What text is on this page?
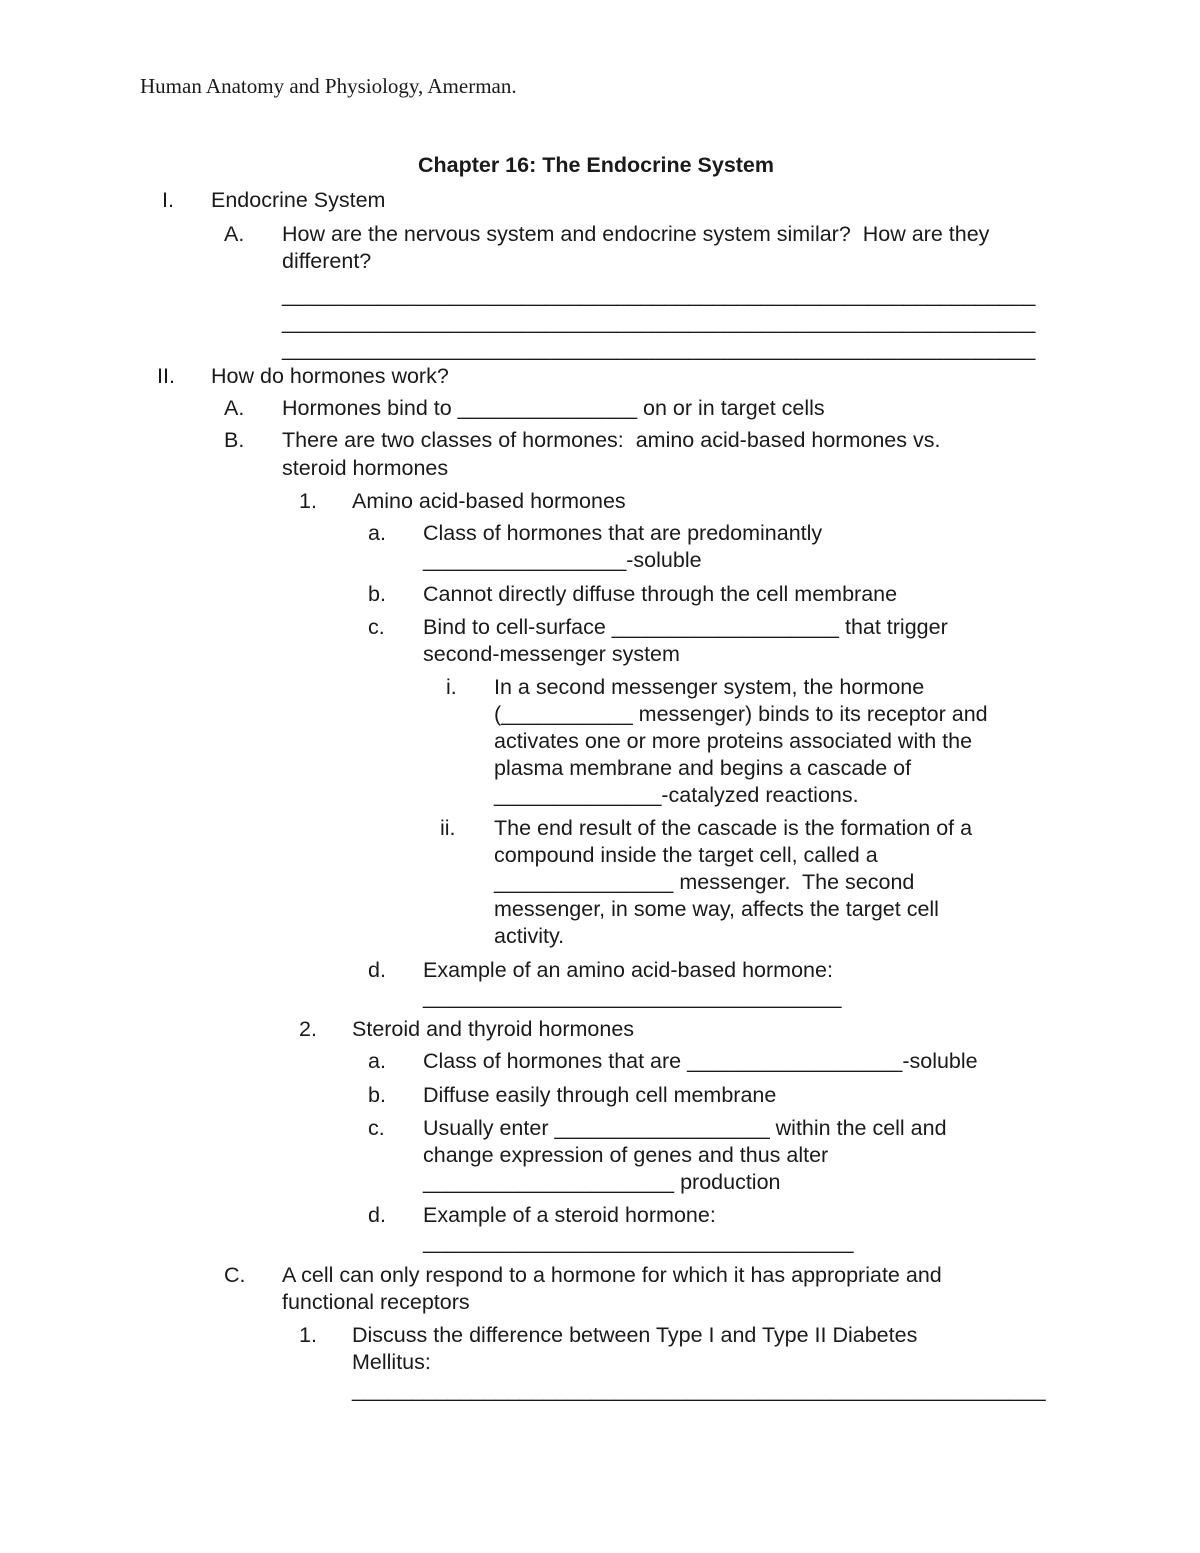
Human Anatomy and Physiology, Amerman.
Chapter 16: The Endocrine System
I. Endocrine System
A. How are the nervous system and endocrine system similar?  How are they
different?
_______________________________________________________________
_______________________________________________________________
_______________________________________________________________
II. How do hormones work?
A. Hormones bind to _______________ on or in target cells
B. There are two classes of hormones:  amino acid-based hormones vs.
steroid hormones
1. Amino acid-based hormones
a. Class of hormones that are predominantly
_________________-soluble
b. Cannot directly diffuse through the cell membrane
c. Bind to cell-surface ___________________ that trigger
second-messenger system
i. In a second messenger system, the hormone
(___________ messenger) binds to its receptor and
activates one or more proteins associated with the
plasma membrane and begins a cascade of
______________-catalyzed reactions.
ii. The end result of the cascade is the formation of a
compound inside the target cell, called a
_______________ messenger.  The second
messenger, in some way, affects the target cell
activity.
d. Example of an amino acid-based hormone:
___________________________________
2. Steroid and thyroid hormones
a. Class of hormones that are __________________-soluble
b. Diffuse easily through cell membrane
c. Usually enter __________________ within the cell and
change expression of genes and thus alter
_____________________ production
d. Example of a steroid hormone:
____________________________________
C. A cell can only respond to a hormone for which it has appropriate and
functional receptors
1. Discuss the difference between Type I and Type II Diabetes
Mellitus:
__________________________________________________________
